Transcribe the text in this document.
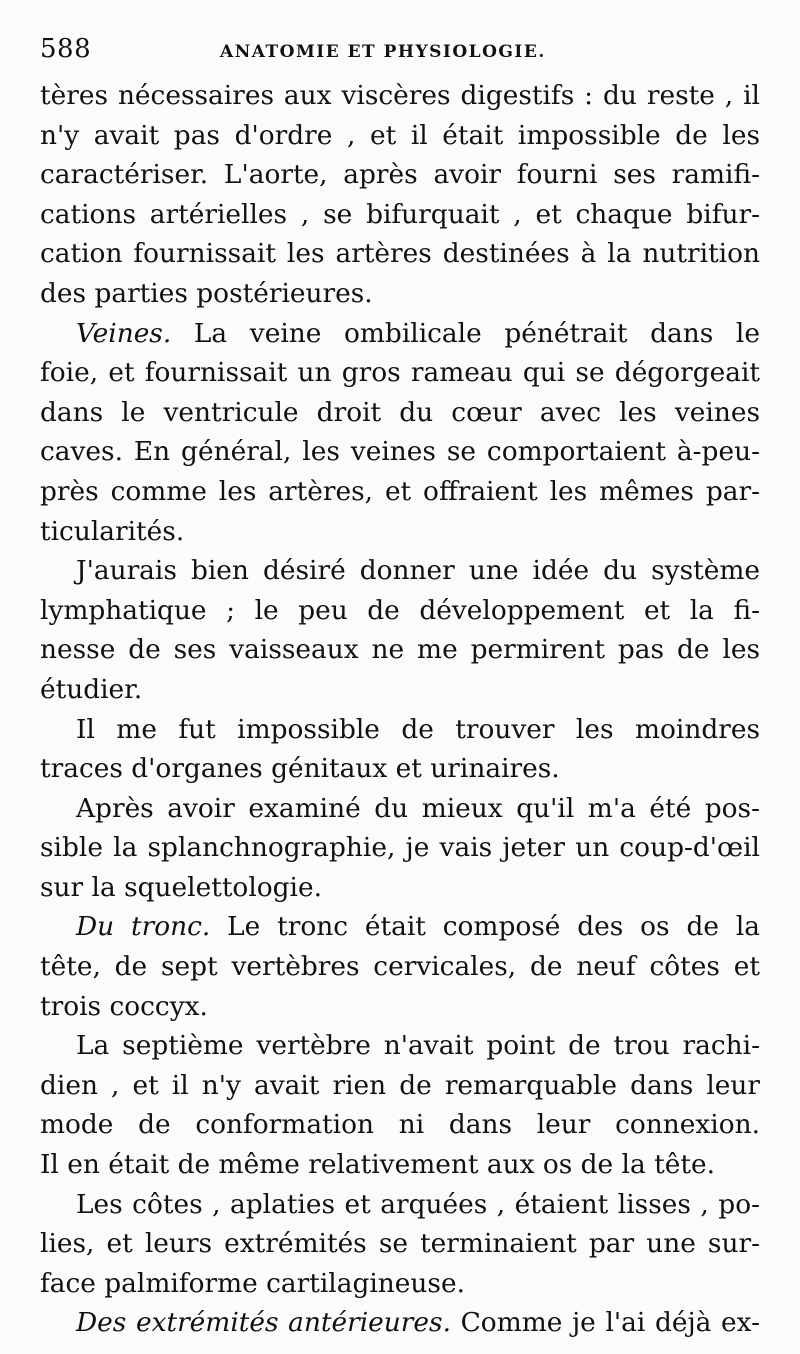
588	ANATOMIE ET PHYSIOLOGIE.
tères nécessaires aux viscères digestifs : du reste , il
n'y avait pas d'ordre , et il était impossible de les
caractériser. L'aorte, après avoir fourni ses ramifi-
cations artérielles , se bifurquait , et chaque bifur-
cation fournissait les artères destinées à la nutrition
des parties postérieures.
Veines. La veine ombilicale pénétrait dans le
foie, et fournissait un gros rameau qui se dégorgeait
dans le ventricule droit du cœur avec les veines
caves. En général, les veines se comportaient à-peu-
près comme les artères, et offraient les mêmes par-
ticularités.
J'aurais bien désiré donner une idée du système
lymphatique ; le peu de développement et la fi-
nesse de ses vaisseaux ne me permirent pas de les
étudier.
Il me fut impossible de trouver les moindres
traces d'organes génitaux et urinaires.
Après avoir examiné du mieux qu'il m'a été pos-
sible la splanchnographie, je vais jeter un coup-d'œil
sur la squelettologie.
Du tronc. Le tronc était composé des os de la
tête, de sept vertèbres cervicales, de neuf côtes et
trois coccyx.
La septième vertèbre n'avait point de trou rachi-
dien , et il n'y avait rien de remarquable dans leur
mode de conformation ni dans leur connexion.
Il en était de même relativement aux os de la tête.
Les côtes , aplaties et arquées , étaient lisses , po-
lies, et leurs extrémités se terminaient par une sur-
face palmiforme cartilagineuse.
Des extrémités antérieures. Comme je l'ai déjà ex-
